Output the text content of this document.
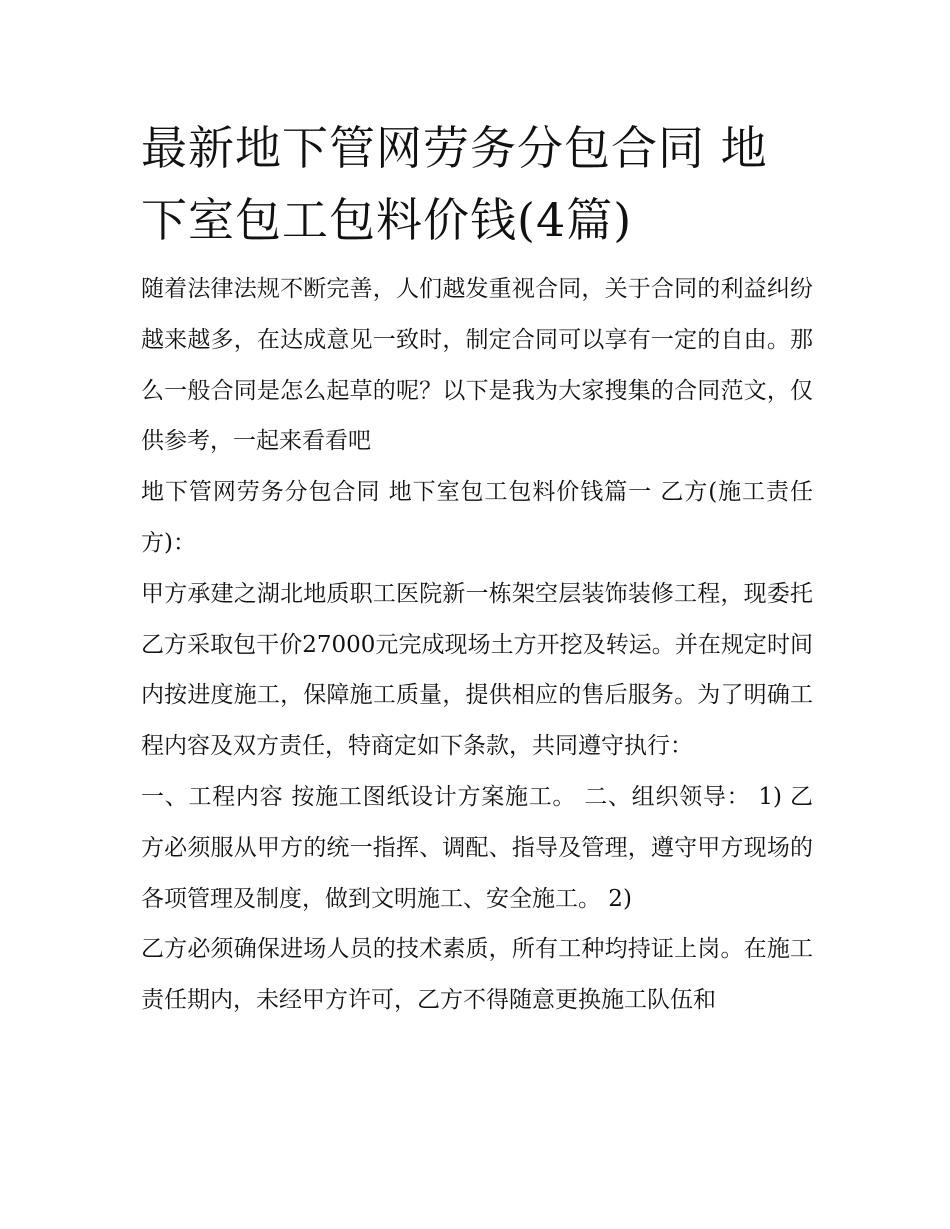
最新地下管网劳务分包合同 地下室包工包料价钱(4篇)

随着法律法规不断完善，人们越发重视合同，关于合同的利益纠纷越来越多，在达成意见一致时，制定合同可以享有一定的自由。那么一般合同是怎么起草的呢？以下是我为大家搜集的合同范文，仅供参考，一起来看看吧

地下管网劳务分包合同 地下室包工包料价钱篇一 乙方(施工责任方)：

甲方承建之湖北地质职工医院新一栋架空层装饰装修工程，现委托乙方采取包干价27000元完成现场土方开挖及转运。并在规定时间内按进度施工，保障施工质量，提供相应的售后服务。为了明确工程内容及双方责任，特商定如下条款，共同遵守执行：

一、工程内容 按施工图纸设计方案施工。 二、组织领导： 1) 乙方必须服从甲方的统一指挥、调配、指导及管理，遵守甲方现场的各项管理及制度，做到文明施工、安全施工。 2)

乙方必须确保进场人员的技术素质，所有工种均持证上岗。在施工责任期内，未经甲方许可，乙方不得随意更换施工队伍和
